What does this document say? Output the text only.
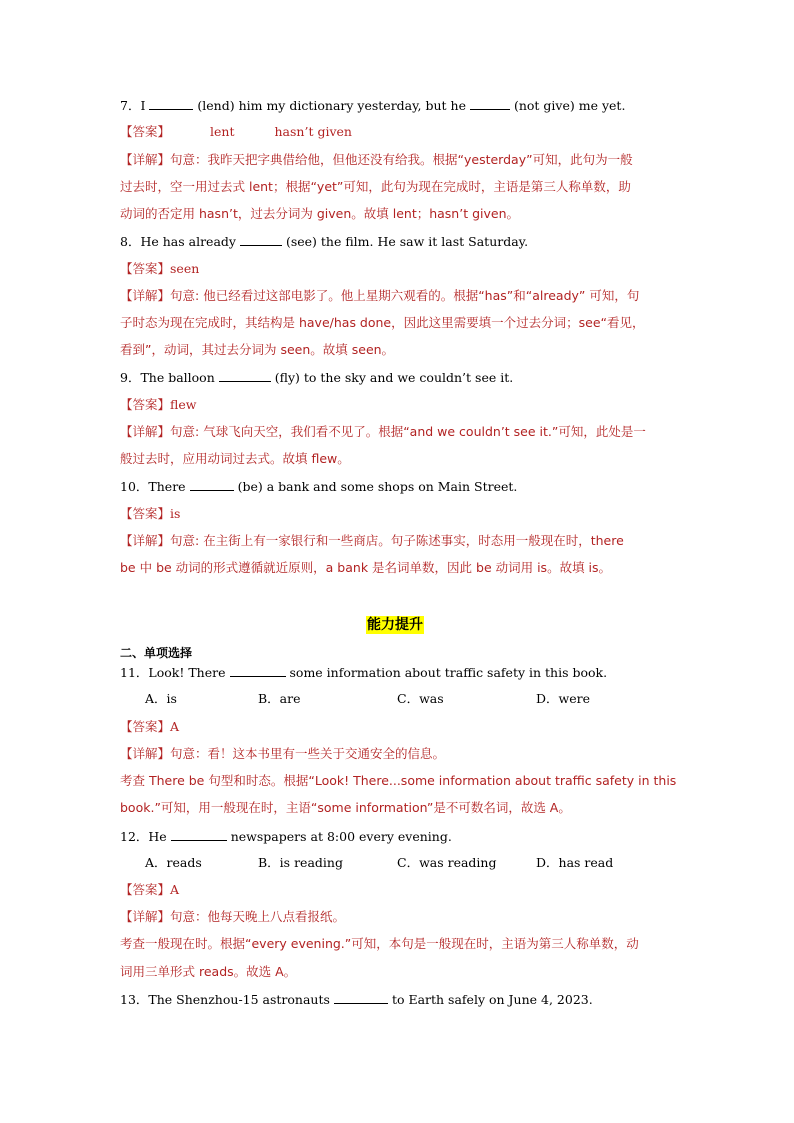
7．I	(lend) him my dictionary yesterday, but he	(not give) me yet.
【答案】	lent	hasn’t given
【详解】句意：我昨天把字典借给他，但他还没有给我。根据“yesterday”可知，此句为一般
过去时，空一用过去式 lent；根据“yet”可知，此句为现在完成时，主语是第三人称单数，助
动词的否定用 hasn’t，过去分词为 given。故填 lent；hasn’t given。
8．He has already	(see) the film. He saw it last Saturday.
【答案】seen
【详解】句意: 他已经看过这部电影了。他上星期六观看的。根据“has”和“already” 可知，句
子时态为现在完成时，其结构是 have/has done，因此这里需要填一个过去分词；see“看见，
看到”，动词，其过去分词为 seen。故填 seen。
9．The balloon	(fly) to the sky and we couldn’t see it.
【答案】flew
【详解】句意: 气球飞向天空，我们看不见了。根据“and we couldn’t see it.”可知，此处是一
般过去时，应用动词过去式。故填 flew。
10．There	(be) a bank and some shops on Main Street.
【答案】is
【详解】句意: 在主街上有一家银行和一些商店。句子陈述事实，时态用一般现在时，there
be 中 be 动词的形式遵循就近原则，a bank 是名词单数，因此 be 动词用 is。故填 is。
能力提升
二、单项选择
11．Look! There	some information about traffic safety in this book.
A．is	B．are	C．was	D．were
【答案】A
【详解】句意：看！这本书里有一些关于交通安全的信息。
考查 There be 句型和时态。根据“Look! There...some information about traffic safety in this
book.”可知，用一般现在时，主语“some information”是不可数名词，故选 A。
12．He	newspapers at 8:00 every evening.
A．reads	B．is reading	C．was reading	D．has read
【答案】A
【详解】句意：他每天晚上八点看报纸。
考查一般现在时。根据“every evening.”可知，本句是一般现在时，主语为第三人称单数，动
词用三单形式 reads。故选 A。
13．The Shenzhou-15 astronauts	to Earth safely on June 4, 2023.
